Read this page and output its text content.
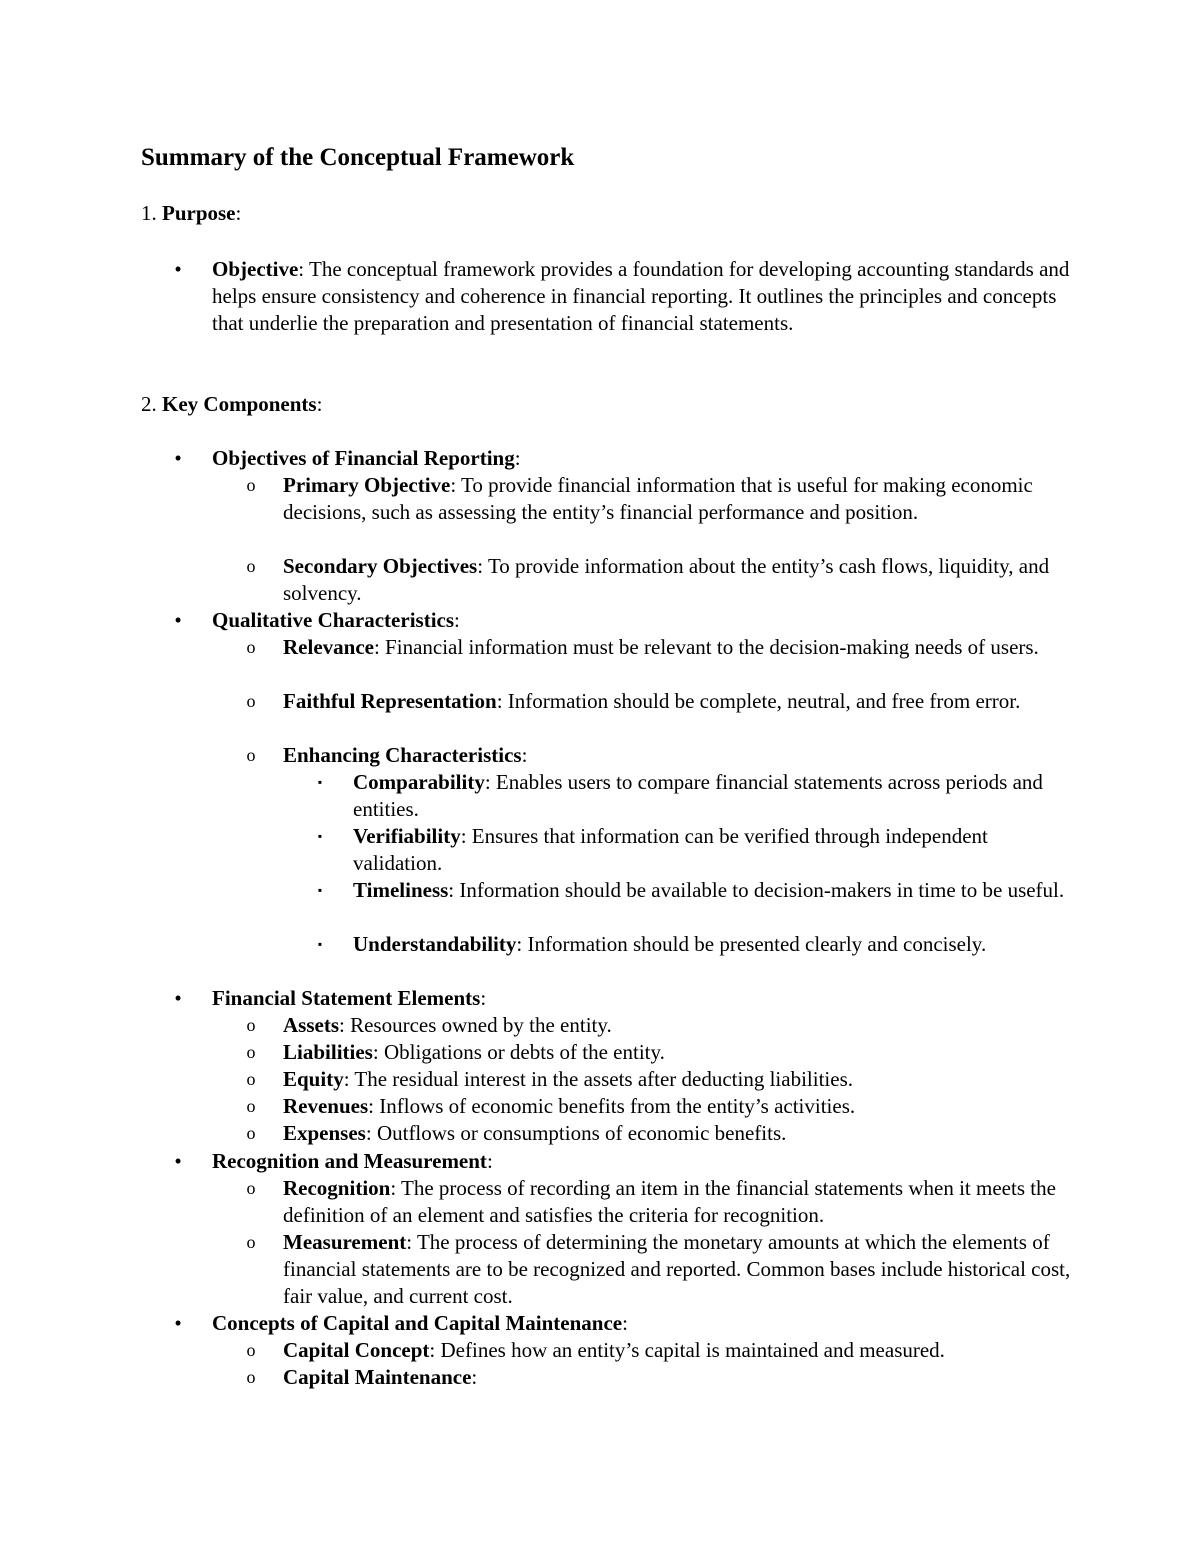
Summary of the Conceptual Framework
1. Purpose:
• Objective: The conceptual framework provides a foundation for developing accounting standards and helps ensure consistency and coherence in financial reporting. It outlines the principles and concepts that underlie the preparation and presentation of financial statements.
2. Key Components:
• Objectives of Financial Reporting:
o Primary Objective: To provide financial information that is useful for making economic decisions, such as assessing the entity’s financial performance and position.
o Secondary Objectives: To provide information about the entity’s cash flows, liquidity, and solvency.
• Qualitative Characteristics:
o Relevance: Financial information must be relevant to the decision-making needs of users.
o Faithful Representation: Information should be complete, neutral, and free from error.
o Enhancing Characteristics:
▪ Comparability: Enables users to compare financial statements across periods and entities.
▪ Verifiability: Ensures that information can be verified through independent validation.
▪ Timeliness: Information should be available to decision-makers in time to be useful.
▪ Understandability: Information should be presented clearly and concisely.
• Financial Statement Elements:
o Assets: Resources owned by the entity.
o Liabilities: Obligations or debts of the entity.
o Equity: The residual interest in the assets after deducting liabilities.
o Revenues: Inflows of economic benefits from the entity’s activities.
o Expenses: Outflows or consumptions of economic benefits.
• Recognition and Measurement:
o Recognition: The process of recording an item in the financial statements when it meets the definition of an element and satisfies the criteria for recognition.
o Measurement: The process of determining the monetary amounts at which the elements of financial statements are to be recognized and reported. Common bases include historical cost, fair value, and current cost.
• Concepts of Capital and Capital Maintenance:
o Capital Concept: Defines how an entity’s capital is maintained and measured.
o Capital Maintenance:
